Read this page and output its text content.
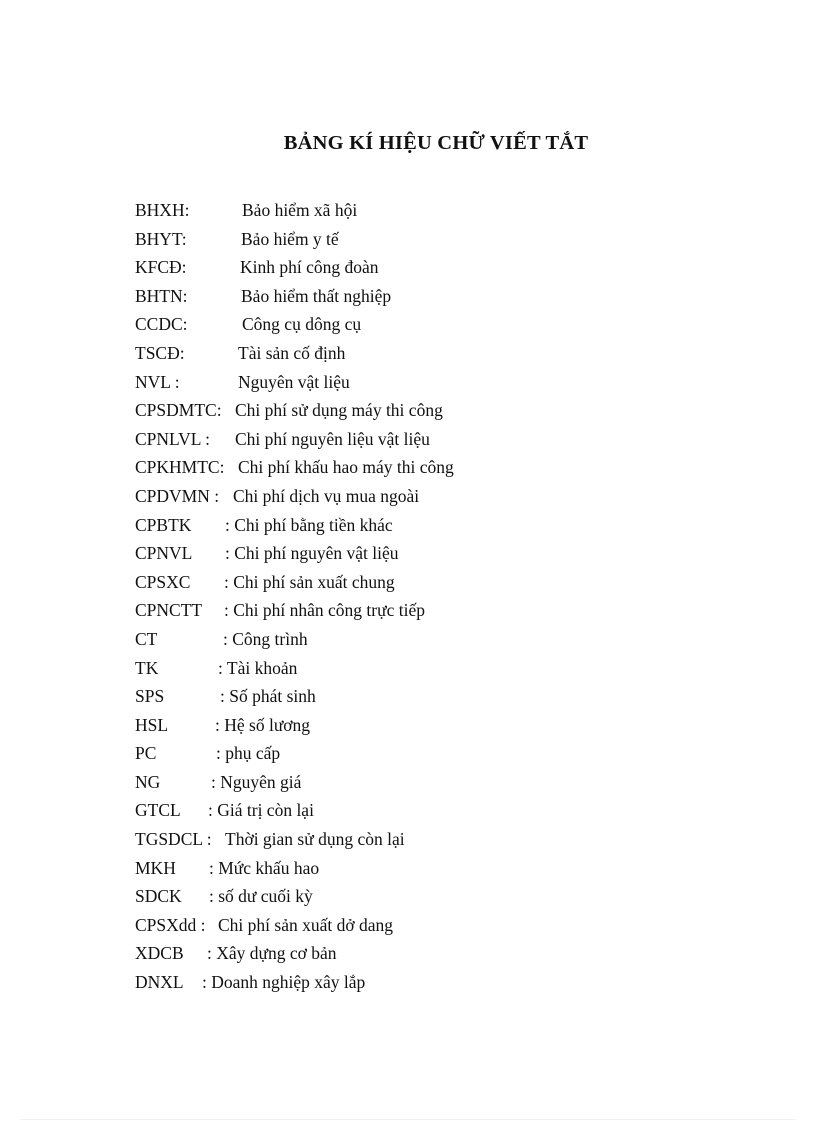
BẢNG KÍ HIỆU CHỮ VIẾT TẮT
BHXH:	Bảo hiểm xã hội
BHYT:	Bảo hiểm y tế
KFCĐ:	Kinh phí công đoàn
BHTN:	Bảo hiểm thất nghiệp
CCDC:	Công cụ dông cụ
TSCĐ:	Tài sản cố định
NVL :	Nguyên vật liệu
CPSDMTC: Chi phí sử dụng máy thi công
CPNLVL : Chi phí nguyên liệu vật liệu
CPKHMTC: Chi phí khấu hao máy thi công
CPDVMN : Chi phí dịch vụ mua ngoài
CPBTK : Chi phí bằng tiền khác
CPNVL : Chi phí nguyên vật liệu
CPSXC : Chi phí sản xuất chung
CPNCTT : Chi phí nhân công trực tiếp
CT	: Công trình
TK	: Tài khoản
SPS	: Số phát sinh
HSL	: Hệ số lương
PC	: phụ cấp
NG	: Nguyên giá
GTCL : Giá trị còn lại
TGSDCL : Thời gian sử dụng còn lại
MKH : Mức khấu hao
SDCK : số dư cuối kỳ
CPSXdd : Chi phí sản xuất dở dang
XDCB : Xây dựng cơ bản
DNXL : Doanh nghiệp xây lắp
